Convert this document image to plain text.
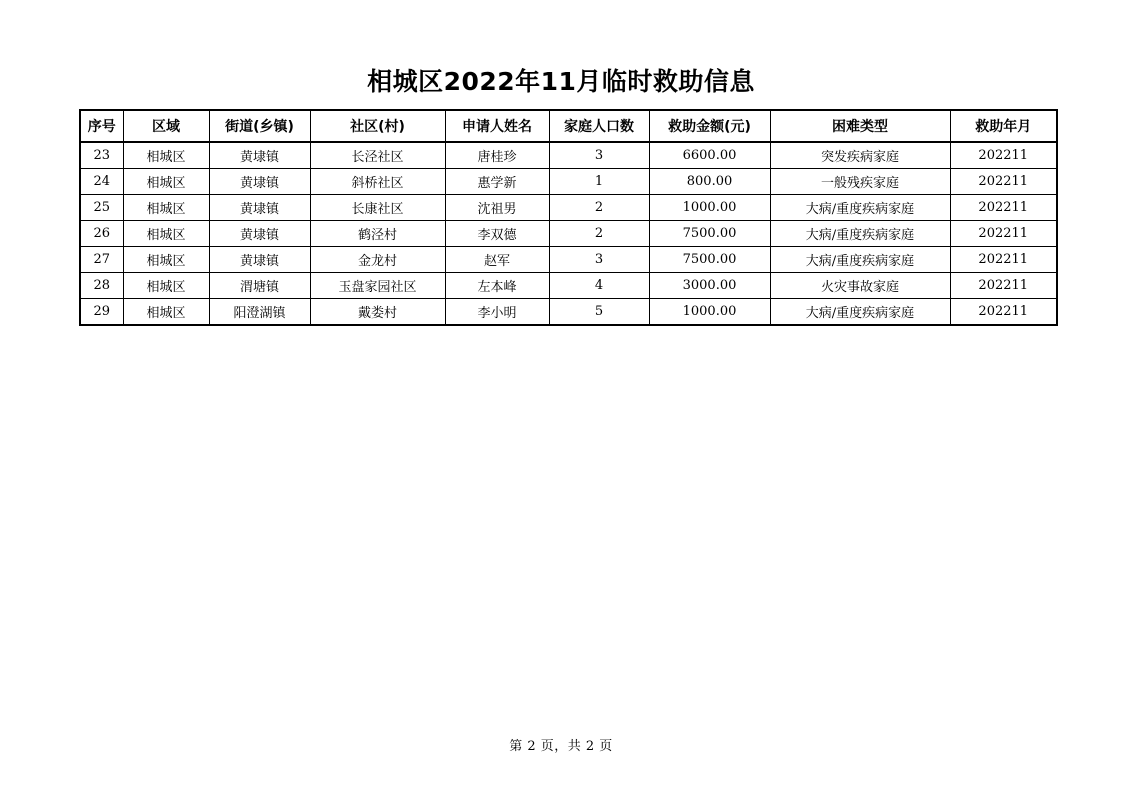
相城区2022年11月临时救助信息
序号	区域	街道(乡镇)	社区(村)	申请人姓名	家庭人口数	救助金额(元)	困难类型	救助年月
23	相城区	黄埭镇	长泾社区	唐桂珍	3	6600.00	突发疾病家庭	202211
24	相城区	黄埭镇	斜桥社区	惠学新	1	800.00	一般残疾家庭	202211
25	相城区	黄埭镇	长康社区	沈祖男	2	1000.00	大病/重度疾病家庭	202211
26	相城区	黄埭镇	鹤泾村	李双德	2	7500.00	大病/重度疾病家庭	202211
27	相城区	黄埭镇	金龙村	赵军	3	7500.00	大病/重度疾病家庭	202211
28	相城区	渭塘镇	玉盘家园社区	左本峰	4	3000.00	火灾事故家庭	202211
29	相城区	阳澄湖镇	戴娄村	李小明	5	1000.00	大病/重度疾病家庭	202211
第 2 页，共 2 页
